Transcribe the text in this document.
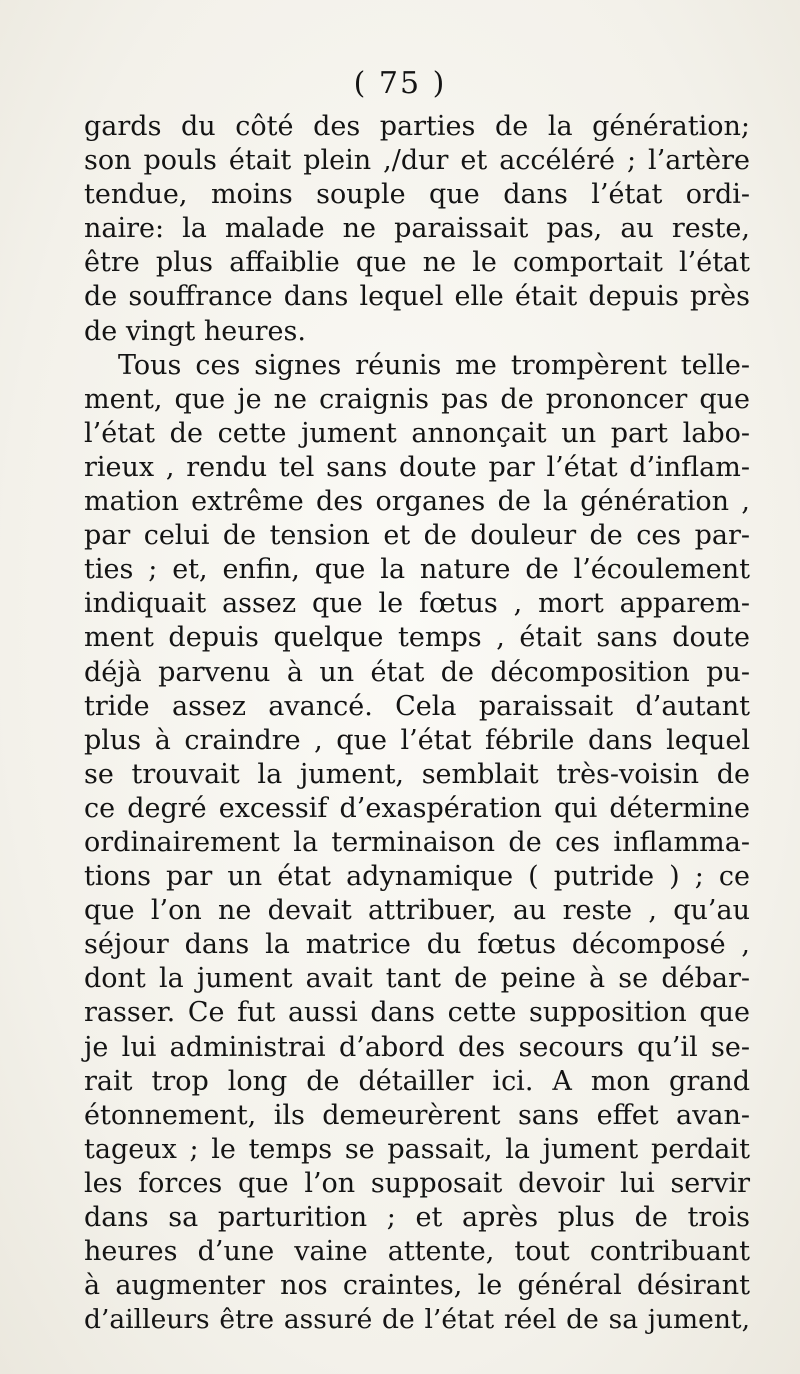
( 75 )
gards du côté des parties de la génération;
son pouls était plein ,/dur et accéléré ; l’artère
tendue, moins souple que dans l’état ordi-
naire: la malade ne paraissait pas, au reste,
être plus affaiblie que ne le comportait l’état
de souffrance dans lequel elle était depuis près
de vingt heures.
Tous ces signes réunis me trompèrent telle-
ment, que je ne craignis pas de prononcer que
l’état de cette jument annonçait un part labo-
rieux , rendu tel sans doute par l’état d’inflam-
mation extrême des organes de la génération ,
par celui de tension et de douleur de ces par-
ties ; et, enfin, que la nature de l’écoulement
indiquait assez que le fœtus , mort apparem-
ment depuis quelque temps , était sans doute
déjà parvenu à un état de décomposition pu-
tride assez avancé. Cela paraissait d’autant
plus à craindre , que l’état fébrile dans lequel
se trouvait la jument, semblait très-voisin de
ce degré excessif d’exaspération qui détermine
ordinairement la terminaison de ces inflamma-
tions par un état adynamique ( putride ) ; ce
que l’on ne devait attribuer, au reste , qu’au
séjour dans la matrice du fœtus décomposé ,
dont la jument avait tant de peine à se débar-
rasser. Ce fut aussi dans cette supposition que
je lui administrai d’abord des secours qu’il se-
rait trop long de détailler ici. A mon grand
étonnement, ils demeurèrent sans effet avan-
tageux ; le temps se passait, la jument perdait
les forces que l’on supposait devoir lui servir
dans sa parturition ; et après plus de trois
heures d’une vaine attente, tout contribuant
à augmenter nos craintes, le général désirant
d’ailleurs être assuré de l’état réel de sa jument,
